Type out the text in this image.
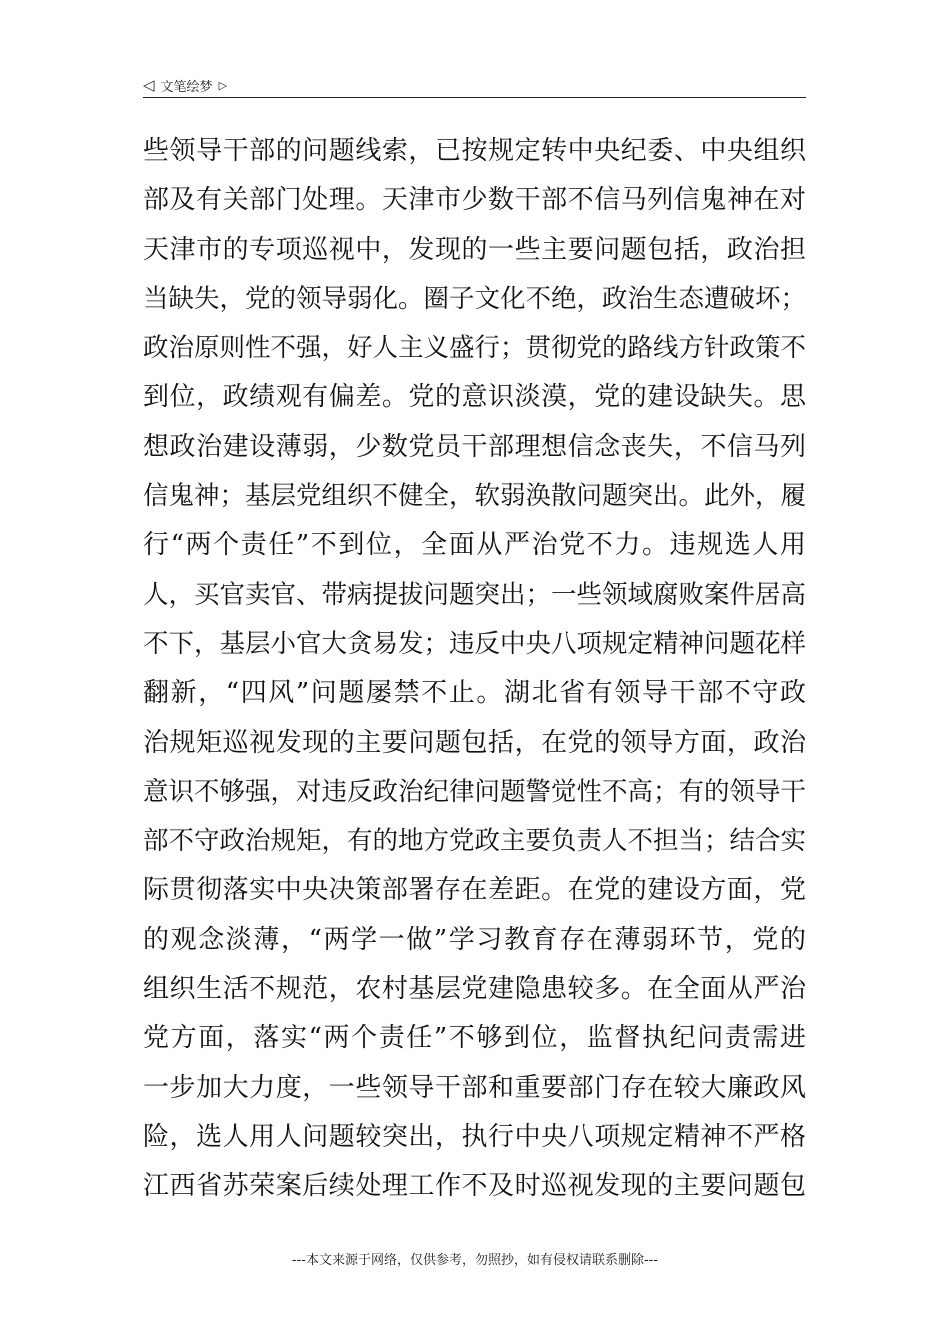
◁ 文笔绘梦 ▷
些领导干部的问题线索，已按规定转中央纪委、中央组织
部及有关部门处理。天津市少数干部不信马列信鬼神在对
天津市的专项巡视中，发现的一些主要问题包括，政治担
当缺失，党的领导弱化。圈子文化不绝，政治生态遭破坏；
政治原则性不强，好人主义盛行；贯彻党的路线方针政策不
到位，政绩观有偏差。党的意识淡漠，党的建设缺失。思
想政治建设薄弱，少数党员干部理想信念丧失，不信马列
信鬼神；基层党组织不健全，软弱涣散问题突出。此外，履
行“两个责任”不到位，全面从严治党不力。违规选人用
人，买官卖官、带病提拔问题突出；一些领域腐败案件居高
不下，基层小官大贪易发；违反中央八项规定精神问题花样
翻新，“四风”问题屡禁不止。湖北省有领导干部不守政
治规矩巡视发现的主要问题包括，在党的领导方面，政治
意识不够强，对违反政治纪律问题警觉性不高；有的领导干
部不守政治规矩，有的地方党政主要负责人不担当；结合实
际贯彻落实中央决策部署存在差距。在党的建设方面，党
的观念淡薄，“两学一做”学习教育存在薄弱环节，党的
组织生活不规范，农村基层党建隐患较多。在全面从严治
党方面，落实“两个责任”不够到位，监督执纪问责需进
一步加大力度，一些领导干部和重要部门存在较大廉政风
险，选人用人问题较突出，执行中央八项规定精神不严格
江西省苏荣案后续处理工作不及时巡视发现的主要问题包
---本文来源于网络，仅供参考，勿照抄，如有侵权请联系删除---
